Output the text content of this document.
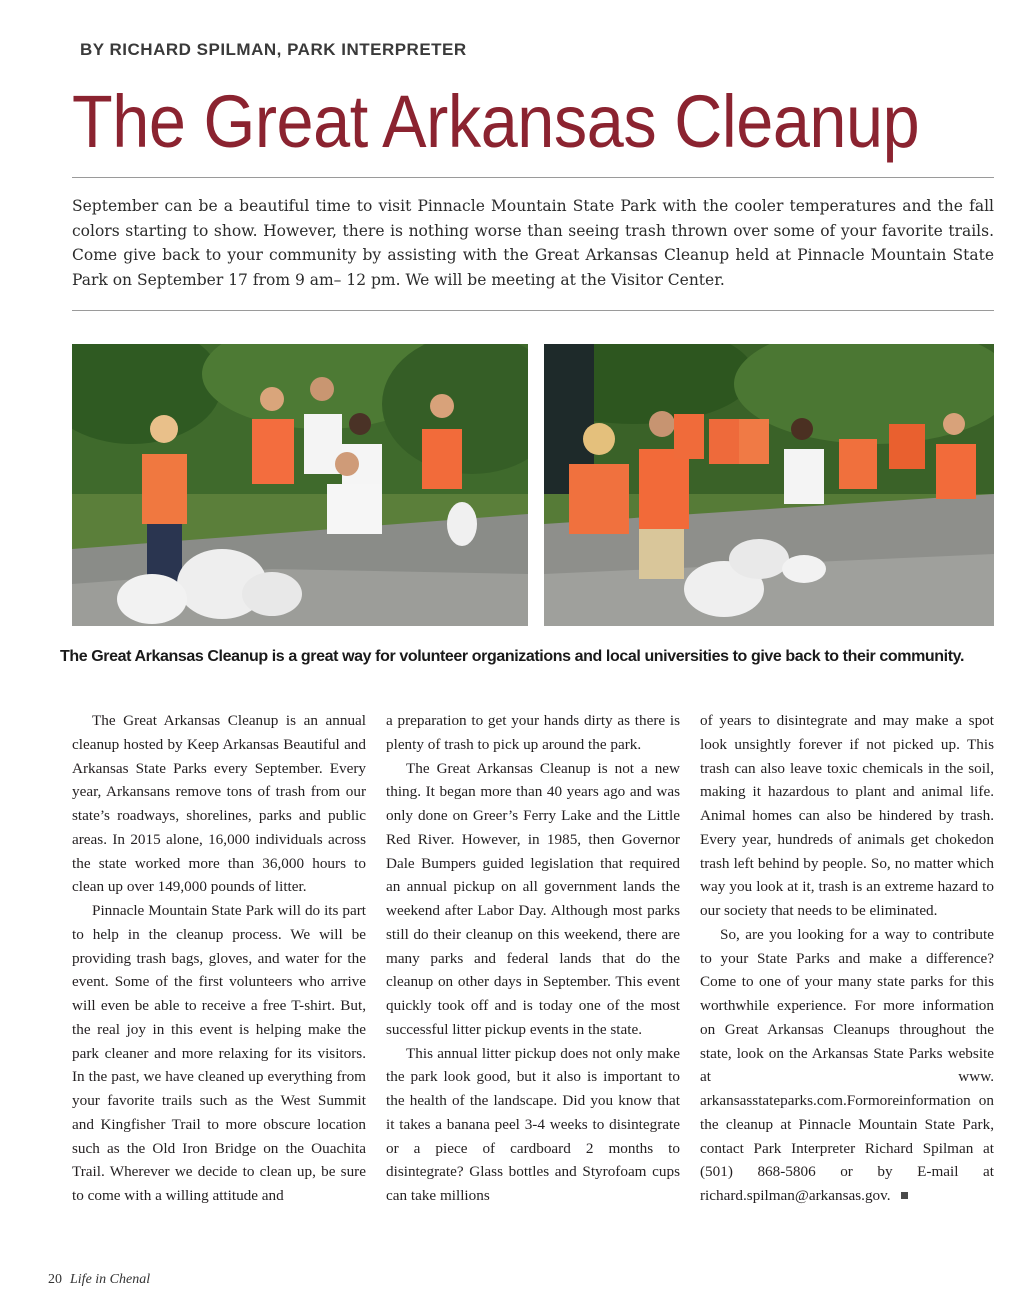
BY RICHARD SPILMAN, PARK INTERPRETER
The Great Arkansas Cleanup
September can be a beautiful time to visit Pinnacle Mountain State Park with the cooler temperatures and the fall colors starting to show. However, there is nothing worse than seeing trash thrown over some of your favorite trails. Come give back to your community by assisting with the Great Arkansas Cleanup held at Pinnacle Mountain State Park on September 17 from 9 am– 12 pm. We will be meeting at the Visitor Center.
The Great Arkansas Cleanup is a great way for volunteer organizations and local universities to give back to their community.

The Great Arkansas Cleanup is an annual cleanup hosted by Keep Arkansas Beautiful and Arkansas State Parks every September. Every year, Arkansans remove tons of trash from our state’s roadways, shorelines, parks and public areas. In 2015 alone, 16,000 individuals across the state worked more than 36,000 hours to clean up over 149,000 pounds of litter.

Pinnacle Mountain State Park will do its part to help in the cleanup process. We will be providing trash bags, gloves, and water for the event. Some of the first volunteers who arrive will even be able to receive a free T-shirt. But, the real joy in this event is helping make the park cleaner and more relaxing for its visitors. In the past, we have cleaned up everything from your favorite trails such as the West Summit and Kingfisher Trail to more obscure location such as the Old Iron Bridge on the Ouachita Trail. Wherever we decide to clean up, be sure to come with a willing attitude and

a preparation to get your hands dirty as there is plenty of trash to pick up around the park.

The Great Arkansas Cleanup is not a new thing. It began more than 40 years ago and was only done on Greer’s Ferry Lake and the Little Red River. However, in 1985, then Governor Dale Bumpers guided legislation that required an annual pickup on all government lands the weekend after Labor Day. Although most parks still do their cleanup on this weekend, there are many parks and federal lands that do the cleanup on other days in September. This event quickly took off and is today one of the most successful litter pickup events in the state.

This annual litter pickup does not only make the park look good, but it also is important to the health of the landscape. Did you know that it takes a banana peel 3-4 weeks to disintegrate or a piece of cardboard 2 months to disintegrate? Glass bottles and Styrofoam cups can take millions

of years to disintegrate and may make a spot look unsightly forever if not picked up. This trash can also leave toxic chemicals in the soil, making it hazardous to plant and animal life. Animal homes can also be hindered by trash. Every year, hundreds of animals get chokedon trash left behind by people. So, no matter which way you look at it, trash is an extreme hazard to our society that needs to be eliminated.

So, are you looking for a way to contribute to your State Parks and make a difference? Come to one of your many state parks for this worthwhile experience. For more information on Great Arkansas Cleanups throughout the state, look on the Arkansas State Parks website at www. arkansasstateparks.com.Formoreinformation on the cleanup at Pinnacle Mountain State Park, contact Park Interpreter Richard Spilman at (501) 868-5806 or by E-mail at richard.spilman@arkansas.gov.

20 Life in Chenal
